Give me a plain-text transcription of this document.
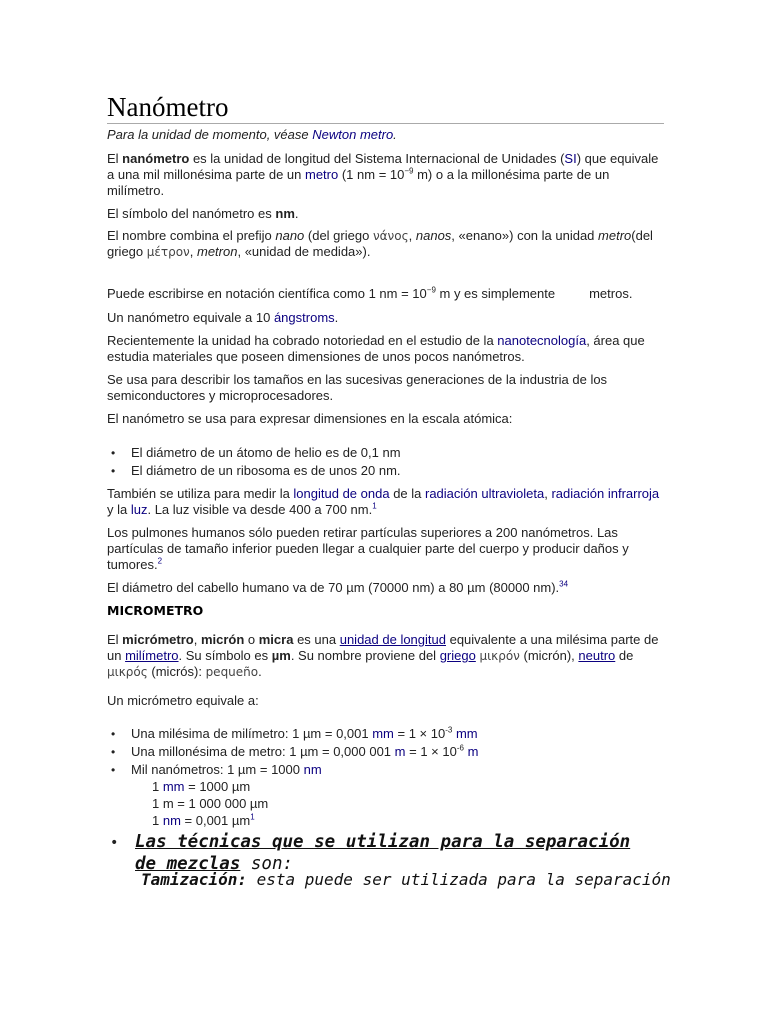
Nanómetro

Para la unidad de momento, véase Newton metro.

El nanómetro es la unidad de longitud del Sistema Internacional de Unidades (SI) que equivale a una mil millonésima parte de un metro (1 nm = $10^{-9}$ m) o a la millonésima parte de un milímetro.

El símbolo del nanómetro es nm.

El nombre combina el prefijo nano (del griego νάνος, nanos, «enano») con la unidad metro(del griego μέτρον, metron, «unidad de medida»).

Puede escribirse en notación científica como 1 nm = $10^{-9}$ m y es simplemente	metros.

Un nanómetro equivale a 10 ángstroms.

Recientemente la unidad ha cobrado notoriedad en el estudio de la nanotecnología, área que estudia materiales que poseen dimensiones de unos pocos nanómetros.

Se usa para describir los tamaños en las sucesivas generaciones de la industria de los semiconductores y microprocesadores.

El nanómetro se usa para expresar dimensiones en la escala atómica:

• El diámetro de un átomo de helio es de 0,1 nm
• El diámetro de un ribosoma es de unos 20 nm.

También se utiliza para medir la longitud de onda de la radiación ultravioleta, radiación infrarroja y la luz. La luz visible va desde 400 a 700 nm.$^1$

Los pulmones humanos sólo pueden retirar partículas superiores a 200 nanómetros. Las partículas de tamaño inferior pueden llegar a cualquier parte del cuerpo y producir daños y tumores.$^2$

El diámetro del cabello humano va de 70 µm (70000 nm) a 80 µm (80000 nm).$^{34}$

MICROMETRO

El micrómetro, micrón o micra es una unidad de longitud equivalente a una milésima parte de un milímetro. Su símbolo es µm. Su nombre proviene del griego μικρόν (micrón), neutro de μικρός (micrós): pequeño.

Un micrómetro equivale a:

• Una milésima de milímetro: 1 µm = 0,001 mm = $1 \times 10^{-3}$ mm
• Una millonésima de metro: 1 µm = 0,000 001 $m = 1 \times 10^{-6}$ m
• Mil nanómetros: 1 µm = 1000 nm

1 mm = 1000 µm

1 m = 1 000 000 µm

1 nm = 0,001 µm$^1$

• Las técnicas que se utilizan para la separación de mezclas son:
Tamización: esta puede ser utilizada para la separación
